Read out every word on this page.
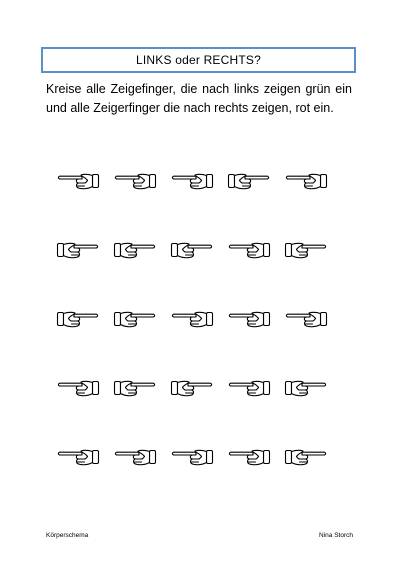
LINKS oder RECHTS?

Kreise alle Zeigefinger, die nach links zeigen grün ein und alle Zeigerfinger die nach rechts zeigen, rot ein.

Körperschema	Nina Storch
